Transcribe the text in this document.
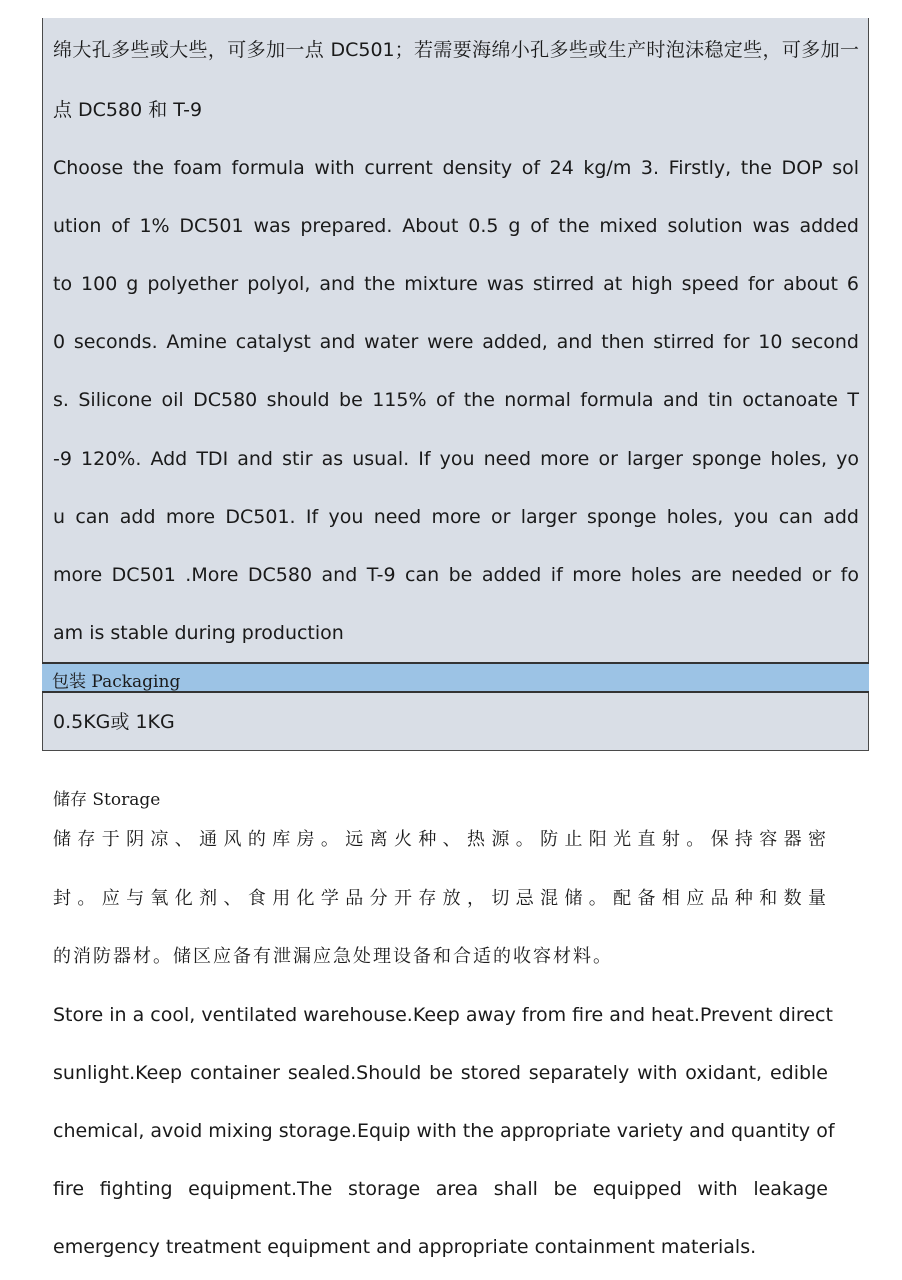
绵大孔多些或大些，可多加一点 DC501；若需要海绵小孔多些或生产时泡沫稳定些，可多加一
点 DC580 和 T-9
Choose the foam formula with current density of 24 kg/m 3. Firstly, the DOP sol
ution of 1% DC501 was prepared. About 0.5 g of the mixed solution was added
to 100 g polyether polyol, and the mixture was stirred at high speed for about 6
0 seconds. Amine catalyst and water were added, and then stirred for 10 second
s. Silicone oil DC580 should be 115% of the normal formula and tin octanoate T
-9 120%. Add TDI and stir as usual. If you need more or larger sponge holes, yo
u can add more DC501. If you need more or larger sponge holes, you can add
more DC501 .More DC580 and T-9 can be added if more holes are needed or fo
am is stable during production
包装 Packaging
0.5KG或 1KG
储存 Storage
储存于阴凉、通风的库房。远离火种、热源。防止阳光直射。保持容器密
封。应与氧化剂、食用化学品分开存放，切忌混储。配备相应品种和数量
的消防器材。储区应备有泄漏应急处理设备和合适的收容材料。
Store in a cool, ventilated warehouse.Keep away from fire and heat.Prevent direct
sunlight.Keep container sealed.Should be stored separately with oxidant, edible
chemical, avoid mixing storage.Equip with the appropriate variety and quantity of
fire fighting equipment.The storage area shall be equipped with leakage
emergency treatment equipment and appropriate containment materials.
